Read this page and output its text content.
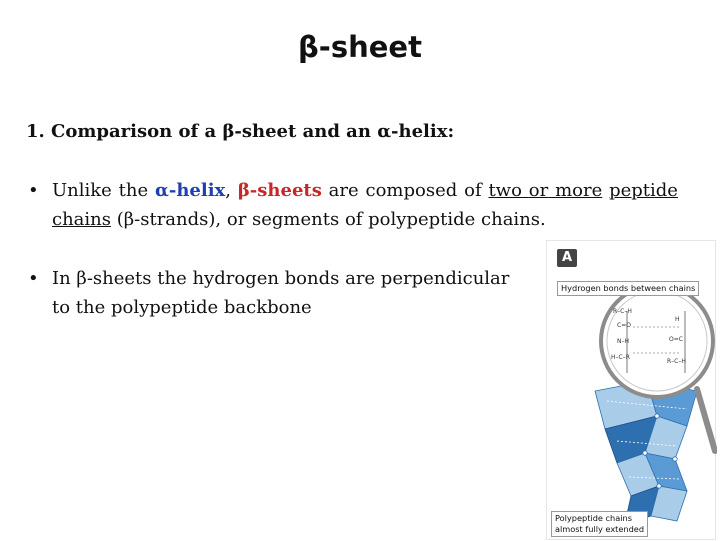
β-sheet
1. Comparison of a β-sheet and an α-helix:
• Unlike the α-helix, β-sheets are composed of two or more peptide chains (β-strands), or segments of polypeptide chains.
• In β-sheets the hydrogen bonds are perpendicular to the polypeptide backbone	R–C–H
C=O
N–H
H–C–R
H
O=C
R–C–H
A
Hydrogen bonds between chains
Polypeptide chains
almost fully extended
